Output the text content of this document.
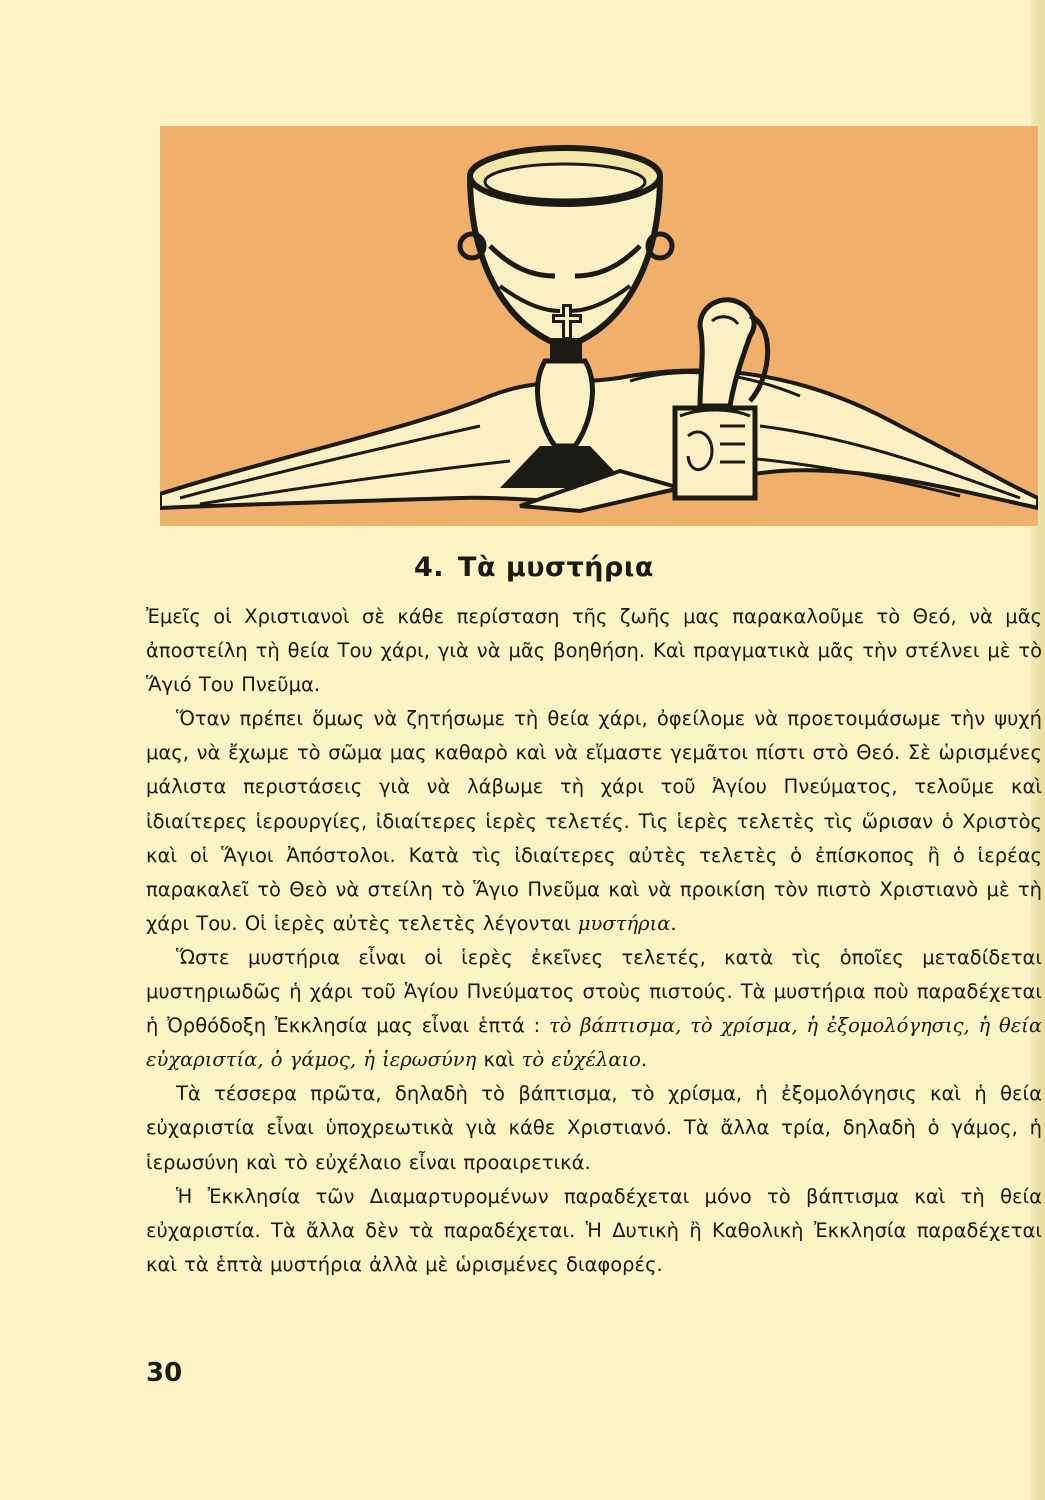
4. Τὰ μυστήρια

Ἐμεῖς οἱ Χριστιανοὶ σὲ κάθε περίσταση τῆς ζωῆς μας παρακαλοῦμε τὸ Θεό, νὰ μᾶς ἀποστείλη τὴ θεία Του χάρι, γιὰ νὰ μᾶς βοηθήση. Καὶ πραγματικὰ μᾶς τὴν στέλνει μὲ τὸ Ἅγιό Του Πνεῦμα.

Ὅταν πρέπει ὅμως νὰ ζητήσωμε τὴ θεία χάρι, ὀφείλομε νὰ προετοιμάσωμε τὴν ψυχή μας, νὰ ἔχωμε τὸ σῶμα μας καθαρὸ καὶ νὰ εἴμαστε γεμᾶτοι πίστι στὸ Θεό. Σὲ ὡρισμένες μάλιστα περιστάσεις γιὰ νὰ λάβωμε τὴ χάρι τοῦ Ἁγίου Πνεύματος, τελοῦμε καὶ ἰδιαίτερες ἱερουργίες, ἰδιαίτερες ἱερὲς τελετές. Τὶς ἱερὲς τελετὲς τὶς ὥρισαν ὁ Χριστὸς καὶ οἱ Ἅγιοι Ἀπόστολοι. Κατὰ τὶς ἰδιαίτερες αὐτὲς τελετὲς ὁ ἐπίσκοπος ἢ ὁ ἱερέας παρακαλεῖ τὸ Θεὸ νὰ στείλη τὸ Ἅγιο Πνεῦμα καὶ νὰ προικίση τὸν πιστὸ Χριστιανὸ μὲ τὴ χάρι Του. Οἱ ἱερὲς αὐτὲς τελετὲς λέγονται μυστήρια.

Ὥστε μυστήρια εἶναι οἱ ἱερὲς ἐκεῖνες τελετές, κατὰ τὶς ὁποῖες μεταδίδεται μυστηριωδῶς ἡ χάρι τοῦ Ἁγίου Πνεύματος στοὺς πιστούς. Τὰ μυστήρια ποὺ παραδέχεται ἡ Ὀρθόδοξη Ἐκκλησία μας εἶναι ἑπτά : τὸ βάπτισμα, τὸ χρίσμα, ἡ ἐξομολόγησις, ἡ θεία εὐχαριστία, ὁ γάμος, ἡ ἱερωσύνη καὶ τὸ εὐχέλαιο.

Τὰ τέσσερα πρῶτα, δηλαδὴ τὸ βάπτισμα, τὸ χρίσμα, ἡ ἐξομολόγησις καὶ ἡ θεία εὐχαριστία εἶναι ὑποχρεωτικὰ γιὰ κάθε Χριστιανό. Τὰ ἄλλα τρία, δηλαδὴ ὁ γάμος, ἡ ἱερωσύνη καὶ τὸ εὐχέλαιο εἶναι προαιρετικά.

Ἡ Ἐκκλησία τῶν Διαμαρτυρομένων παραδέχεται μόνο τὸ βάπτισμα καὶ τὴ θεία εὐχαριστία. Τὰ ἄλλα δὲν τὰ παραδέχεται. Ἡ Δυτικὴ ἢ Καθολικὴ Ἐκκλησία παραδέχεται καὶ τὰ ἑπτὰ μυστήρια ἀλλὰ μὲ ὡρισμένες διαφορές.

30
